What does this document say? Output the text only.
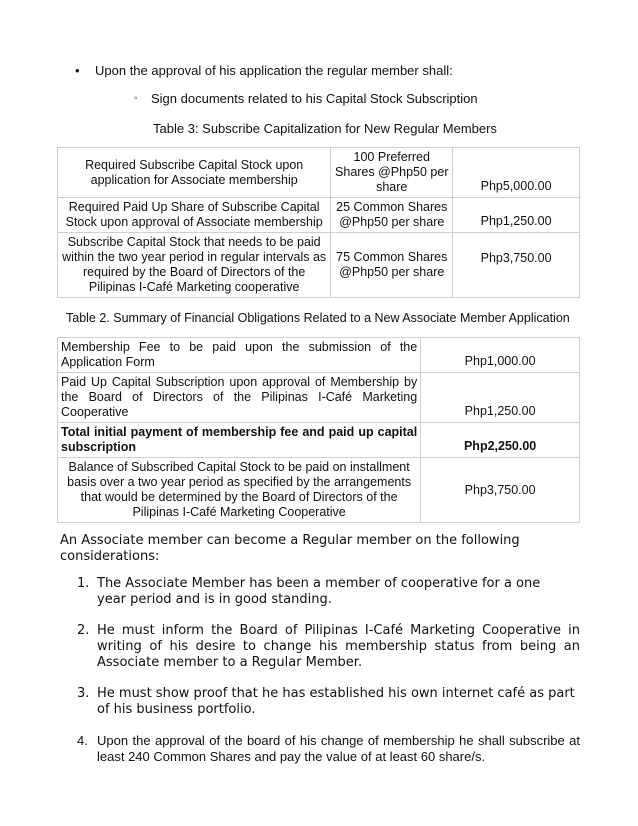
•	Upon the approval of his application the regular member shall:
◦	Sign documents related to his Capital Stock Subscription
Table 3: Subscribe Capitalization for New Regular Members
Required Subscribe Capital Stock upon application for Associate membership	100 Preferred Shares @Php50 per share	Php5,000.00
Required Paid Up Share of Subscribe Capital Stock upon approval of Associate membership	25 Common Shares @Php50 per share	Php1,250.00
Subscribe Capital Stock that needs to be paid within the two year period in regular intervals as required by the Board of Directors of the Pilipinas I-Café Marketing cooperative	75 Common Shares @Php50 per share	Php3,750.00
Table 2. Summary of Financial Obligations Related to a New Associate Member Application
Membership Fee to be paid upon the submission of the Application Form	Php1,000.00
Paid Up Capital Subscription upon approval of Membership by the Board of Directors of the Pilipinas I-Café Marketing Cooperative	Php1,250.00
Total initial payment of membership fee and paid up capital subscription	Php2,250.00
Balance of Subscribed Capital Stock to be paid on installment basis over a two year period as specified by the arrangements that would be determined by the Board of Directors of the Pilipinas I-Café Marketing Cooperative	Php3,750.00
An Associate member can become a Regular member on the following considerations:
1. The Associate Member has been a member of cooperative for a one year period and is in good standing.
2. He must inform the Board of Pilipinas I-Café Marketing Cooperative in writing of his desire to change his membership status from being an Associate member to a Regular Member.
3. He must show proof that he has established his own internet café as part of his business portfolio.
4. Upon the approval of the board of his change of membership he shall subscribe at least 240 Common Shares and pay the value of at least 60 share/s.
